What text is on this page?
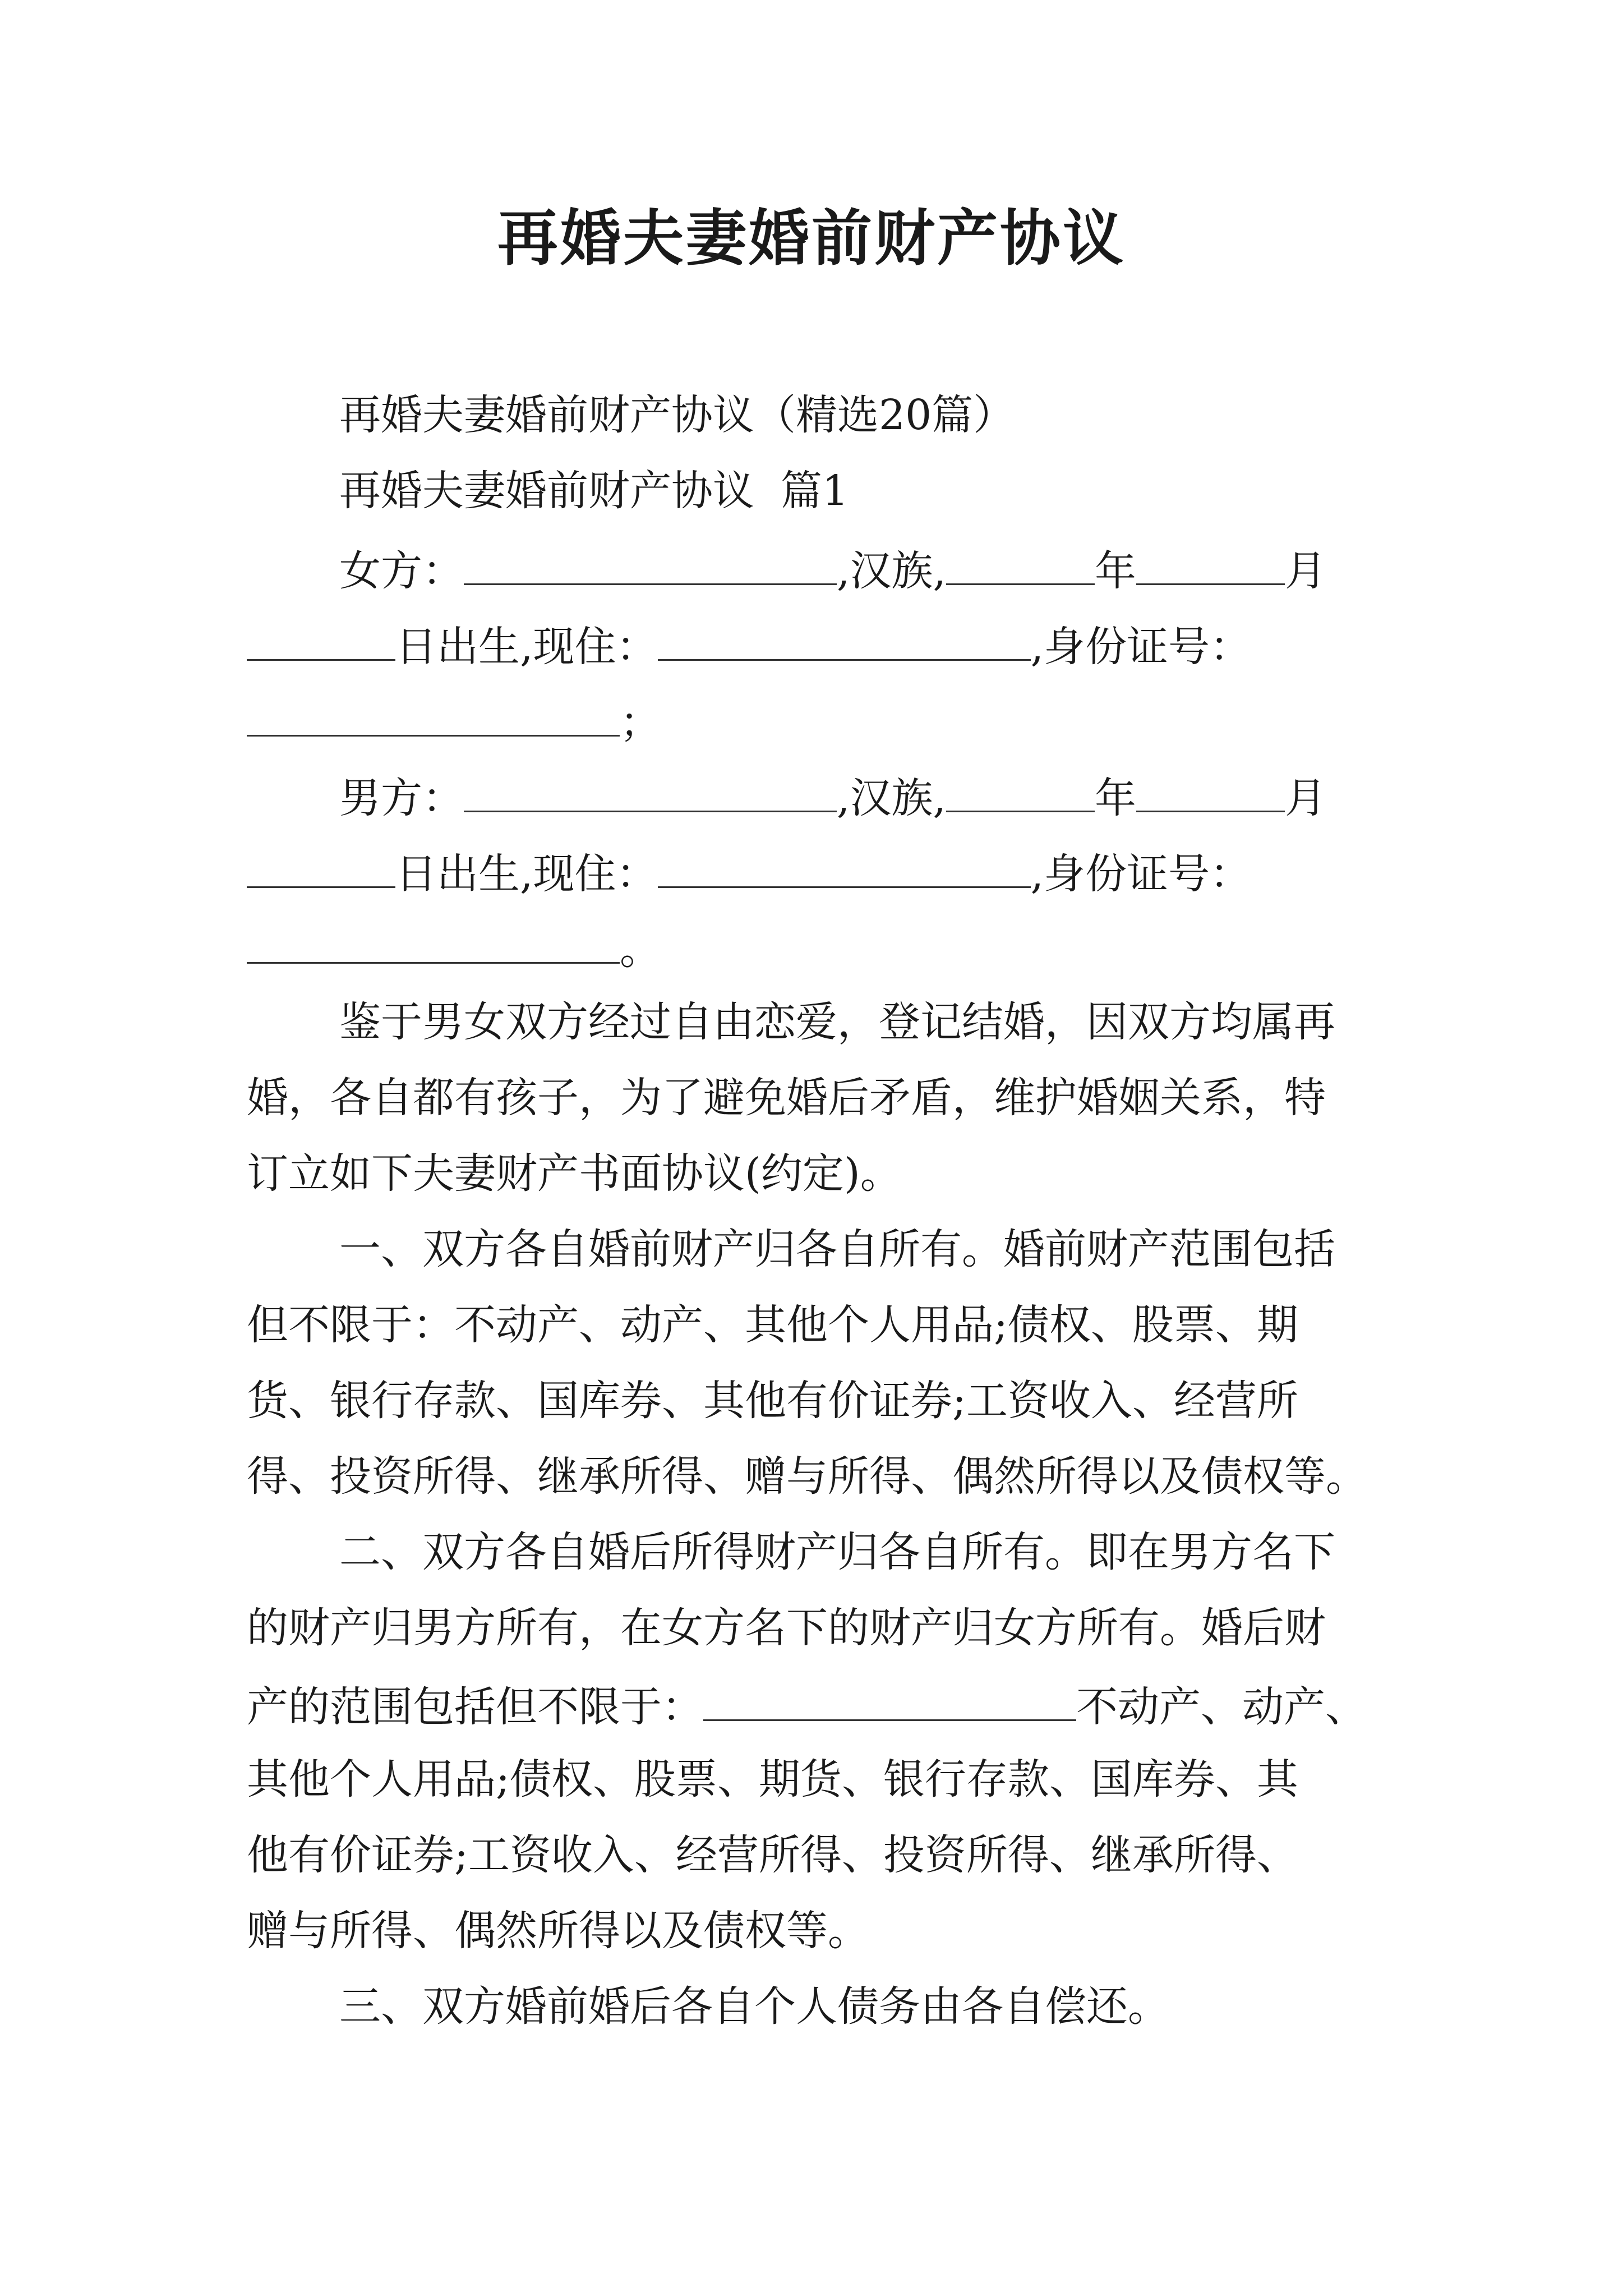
再婚夫妻婚前财产协议

再婚夫妻婚前财产协议（精选20篇）

再婚夫妻婚前财产协议  篇1

女方：	,汉族,	年	月

日出生,现住：	,身份证号：

；

男方：	,汉族,	年	月

日出生,现住：	,身份证号：

。

鉴于男女双方经过自由恋爱，登记结婚，因双方均属再

婚，各自都有孩子，为了避免婚后矛盾，维护婚姻关系，特

订立如下夫妻财产书面协议(约定)。

一、双方各自婚前财产归各自所有。婚前财产范围包括

但不限于：不动产、动产、其他个人用品;债权、股票、期

货、银行存款、国库券、其他有价证券;工资收入、经营所

得、投资所得、继承所得、赠与所得、偶然所得以及债权等。

二、双方各自婚后所得财产归各自所有。即在男方名下

的财产归男方所有，在女方名下的财产归女方所有。婚后财

产的范围包括但不限于：	不动产、动产、

其他个人用品;债权、股票、期货、银行存款、国库券、其

他有价证券;工资收入、经营所得、投资所得、继承所得、

赠与所得、偶然所得以及债权等。

三、双方婚前婚后各自个人债务由各自偿还。
